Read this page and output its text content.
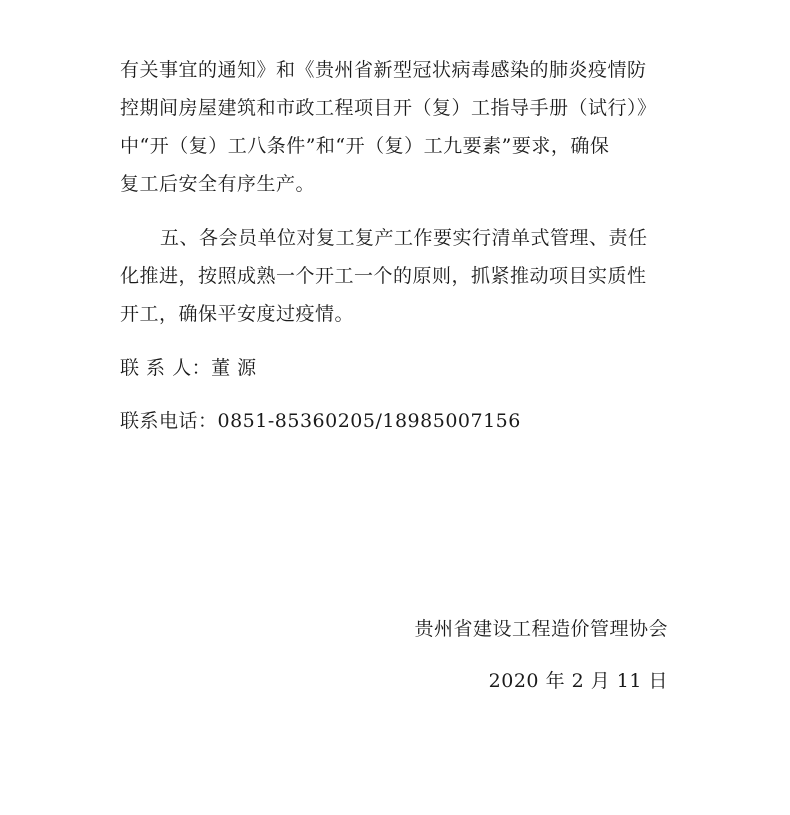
有关事宜的通知》和《贵州省新型冠状病毒感染的肺炎疫情防
控期间房屋建筑和市政工程项目开（复）工指导手册（试行）》
中“开（复）工八条件”和“开（复）工九要素”要求，确保
复工后安全有序生产。
五、各会员单位对复工复产工作要实行清单式管理、责任
化推进，按照成熟一个开工一个的原则，抓紧推动项目实质性
开工，确保平安度过疫情。
联 系 人：董 源
联系电话：0851-85360205/18985007156
贵州省建设工程造价管理协会
2020 年 2 月 11 日
